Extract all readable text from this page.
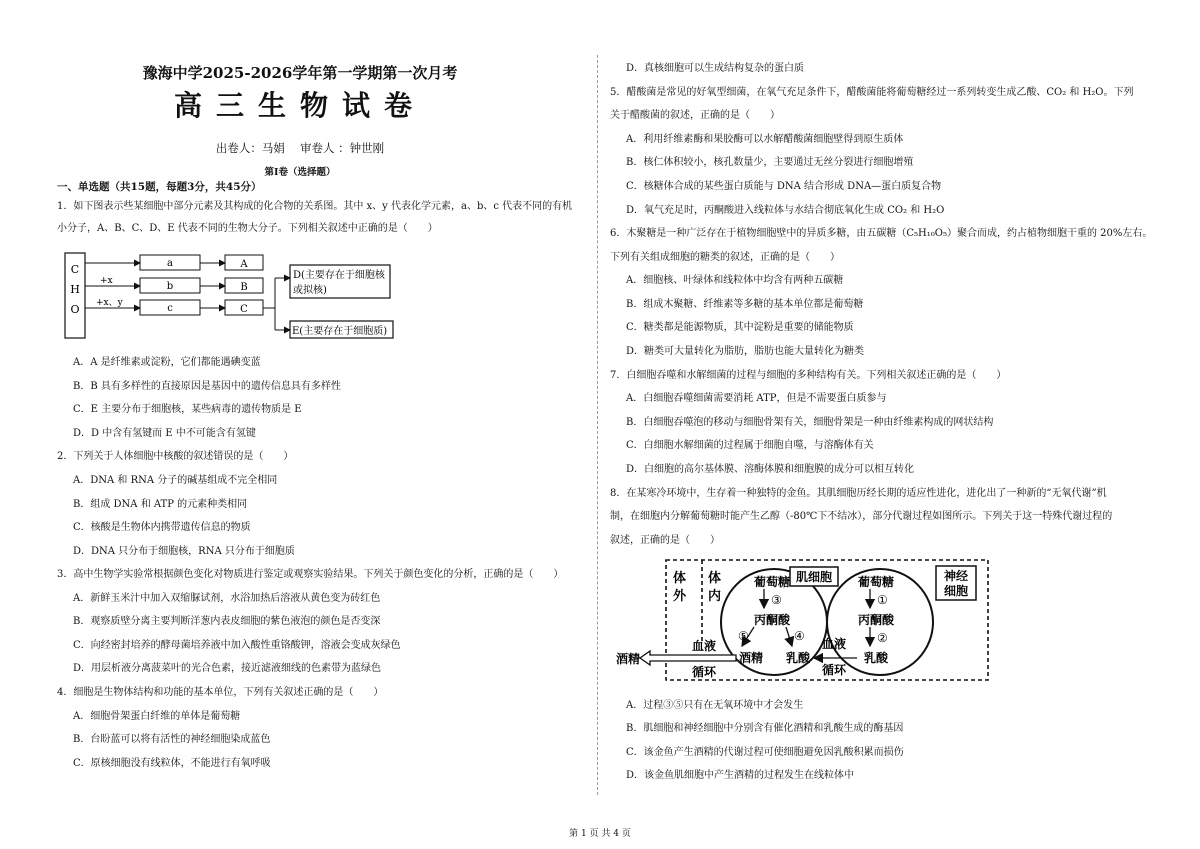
豫海中学2025-2026学年第一学期第一次月考
高三生物试卷
出卷人：马娟　 审卷人 ：钟世刚
第Ⅰ卷（选择题）
一、单选题（共15题，每题3分，共45分）
1．如下图表示些某细胞中部分元素及其构成的化合物的关系图。其中 x、y 代表化学元素，a、b、c 代表不同的有机
小分子，A、B、C、D、E 代表不同的生物大分子。下列相关叙述中正确的是（　　）
C
H
O
+x
+x、y
a
b
c
A
B
C
D(主要存在于细胞核
或拟核)
E(主要存在于细胞质)
A．A 是纤维素或淀粉，它们都能遇碘变蓝
B．B 具有多样性的直接原因是基因中的遗传信息具有多样性
C．E 主要分布于细胞核，某些病毒的遗传物质是 E
D．D 中含有氢键而 E 中不可能含有氢键
2．下列关于人体细胞中核酸的叙述错误的是（　　）
A．DNA 和 RNA 分子的碱基组成不完全相同
B．组成 DNA 和 ATP 的元素种类相同
C．核酸是生物体内携带遗传信息的物质
D．DNA 只分布于细胞核，RNA 只分布于细胞质
3．高中生物学实验常根据颜色变化对物质进行鉴定或观察实验结果。下列关于颜色变化的分析，正确的是（　　）
A．新鲜玉米汁中加入双缩脲试剂，水浴加热后溶液从黄色变为砖红色
B．观察质壁分离主要判断洋葱内表皮细胞的紫色液泡的颜色是否变深
C．向经密封培养的酵母菌培养液中加入酸性重铬酸钾，溶液会变成灰绿色
D．用层析液分离菠菜叶的光合色素，接近滤液细线的色素带为蓝绿色
4．细胞是生物体结构和功能的基本单位，下列有关叙述正确的是（　　）
A．细胞骨架蛋白纤维的单体是葡萄糖
B．台盼蓝可以将有活性的神经细胞染成蓝色
C．原核细胞没有线粒体，不能进行有氧呼吸
D．真核细胞可以生成结构复杂的蛋白质
5．醋酸菌是常见的好氧型细菌，在氧气充足条件下，醋酸菌能将葡萄糖经过一系列转变生成乙酸、CO₂ 和 H₂O。下列
关于醋酸菌的叙述，正确的是（　　）
A．利用纤维素酶和果胶酶可以水解醋酸菌细胞壁得到原生质体
B．核仁体积较小，核孔数量少，主要通过无丝分裂进行细胞增殖
C．核糖体合成的某些蛋白质能与 DNA 结合形成 DNA—蛋白质复合物
D．氧气充足时，丙酮酸进入线粒体与水结合彻底氧化生成 CO₂ 和 H₂O
6．木聚糖是一种广泛存在于植物细胞壁中的异质多糖，由五碳糖（C₅H₁₀O₅）聚合而成，约占植物细胞干重的 20%左右。
下列有关组成细胞的糖类的叙述，正确的是（　　）
A．细胞核、叶绿体和线粒体中均含有两种五碳糖
B．组成木聚糖、纤维素等多糖的基本单位都是葡萄糖
C．糖类都是能源物质，其中淀粉是重要的储能物质
D．糖类可大量转化为脂肪，脂肪也能大量转化为糖类
7．白细胞吞噬和水解细菌的过程与细胞的多种结构有关。下列相关叙述正确的是（　　）
A．白细胞吞噬细菌需要消耗 ATP，但是不需要蛋白质参与
B．白细胞吞噬泡的移动与细胞骨架有关，细胞骨架是一种由纤维素构成的网状结构
C．白细胞水解细菌的过程属于细胞自噬，与溶酶体有关
D．白细胞的高尔基体膜、溶酶体膜和细胞膜的成分可以相互转化
8．在某寒冷环境中，生存着一种独特的金鱼。其肌细胞历经长期的适应性进化，进化出了一种新的“无氧代谢”机
制，在细胞内分解葡萄糖时能产生乙醇（-80℃下不结冰），部分代谢过程如图所示。下列关于这一特殊代谢过程的
叙述，正确的是（　　）
体
外
体
内
肌细胞	神经
细胞
葡萄糖	葡萄糖
③	①
丙酮酸	丙酮酸
⑤	④	②
酒精 乳酸	乳酸
血液
循环
血液
循环
酒精
A．过程③⑤只有在无氧环境中才会发生
B．肌细胞和神经细胞中分别含有催化酒精和乳酸生成的酶基因
C．该金鱼产生酒精的代谢过程可使细胞避免因乳酸积累而损伤
D．该金鱼肌细胞中产生酒精的过程发生在线粒体中
第 1 页 共 4 页
